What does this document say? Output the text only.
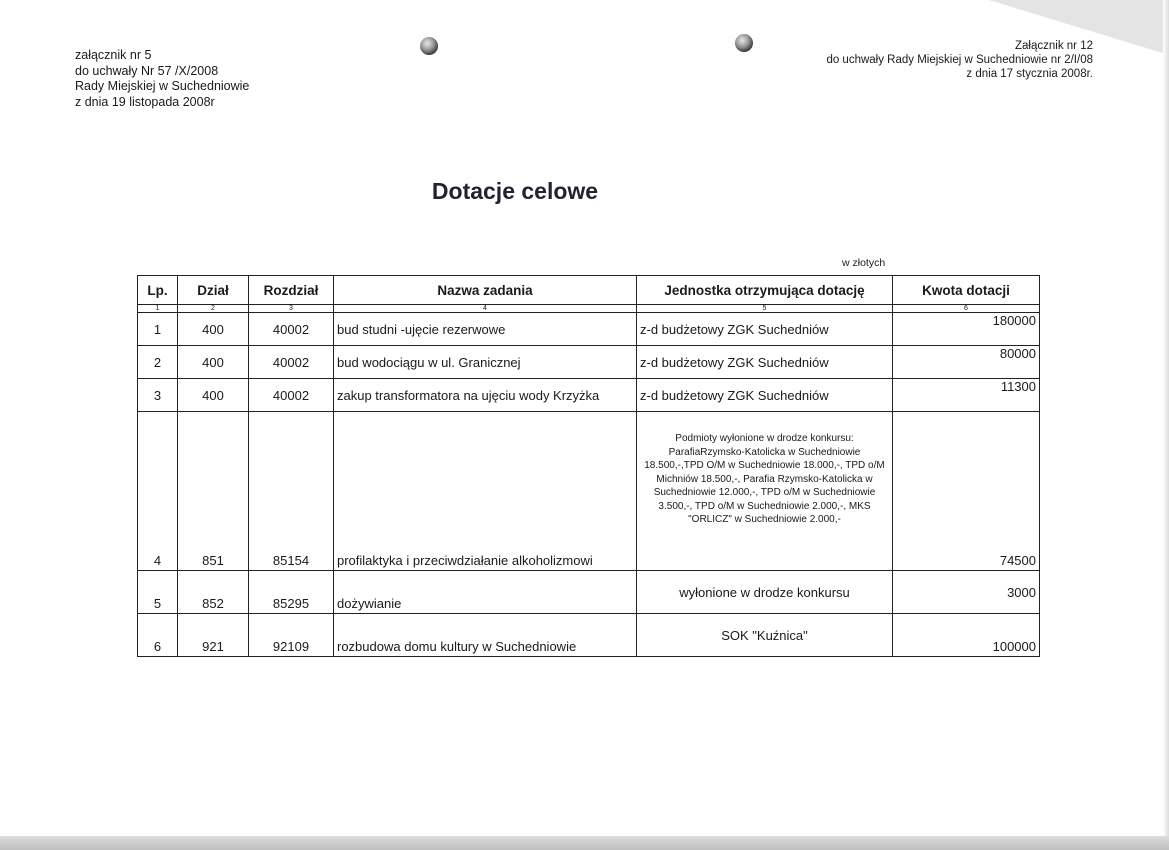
załącznik nr 5
do uchwały Nr 57 /X/2008
Rady Miejskiej w Suchedniowie
z dnia 19 listopada 2008r
Załącznik nr 12
do uchwały Rady Miejskiej w Suchedniowie nr 2/I/08
z dnia 17 stycznia 2008r.
Dotacje celowe
w złotych
Lp.	Dział	Rozdział	Nazwa zadania	Jednostka otrzymująca dotację	Kwota dotacji
1	2	3	4	5	6
1	400	40002	bud studni -ujęcie rezerwowe	z-d budżetowy ZGK Suchedniów	180000
2	400	40002	bud wodociągu w ul. Granicznej	z-d budżetowy ZGK Suchedniów	80000
3	400	40002	zakup transformatora na ujęciu wody Krzyżka	z-d budżetowy ZGK Suchedniów	11300
4	851	85154	profilaktyka i przeciwdziałanie alkoholizmowi	Podmioty wyłonione w drodze konkursu: ParafiaRzymsko-Katolicka w Suchedniowie 18.500,-,TPD O/M w Suchedniowie 18.000,-, TPD o/M Michniów 18.500,-, Parafia Rzymsko-Katolicka w Suchedniowie 12.000,-, TPD o/M w Suchedniowie 3.500,-, TPD o/M w Suchedniowie 2.000,-, MKS "ORLICZ" w Suchedniowie 2.000,-	74500
5	852	85295	dożywianie	wyłonione w drodze konkursu	3000
6	921	92109	rozbudowa domu kultury w Suchedniowie	SOK "Kuźnica"	100000
